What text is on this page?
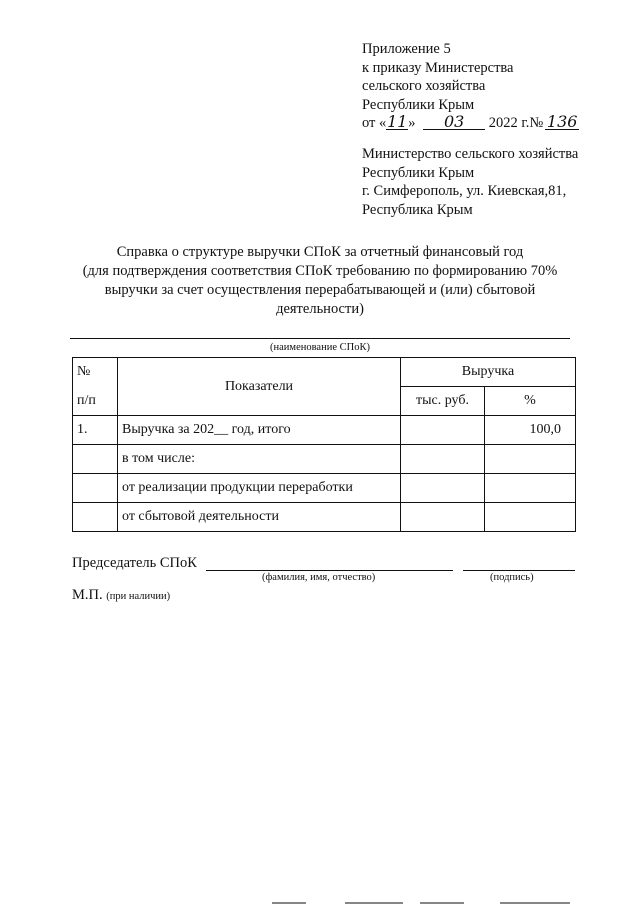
Приложение 5
к приказу Министерства
сельского хозяйства
Республики Крым
от «11» 03 2022 г.№ 136
Министерство сельского хозяйства
Республики Крым
г. Симферополь, ул. Киевская,81,
Республика Крым
Справка о структуре выручки СПоК за отчетный финансовый год
(для подтверждения соответствия СПоК требованию по формированию 70%
выручки за счет осуществления перерабатывающей и (или) сбытовой
деятельности)
(наименование СПоК)
№	Показатели	Выручка	
п/п		тыс. руб.	%
1.	Выручка за 202__ год, итого		100,0
	в том числе:		
	от реализации продукции переработки		
	от сбытовой деятельности		
Председатель СПоК
(фамилия, имя, отчество)	(подпись)
М.П. (при наличии)
